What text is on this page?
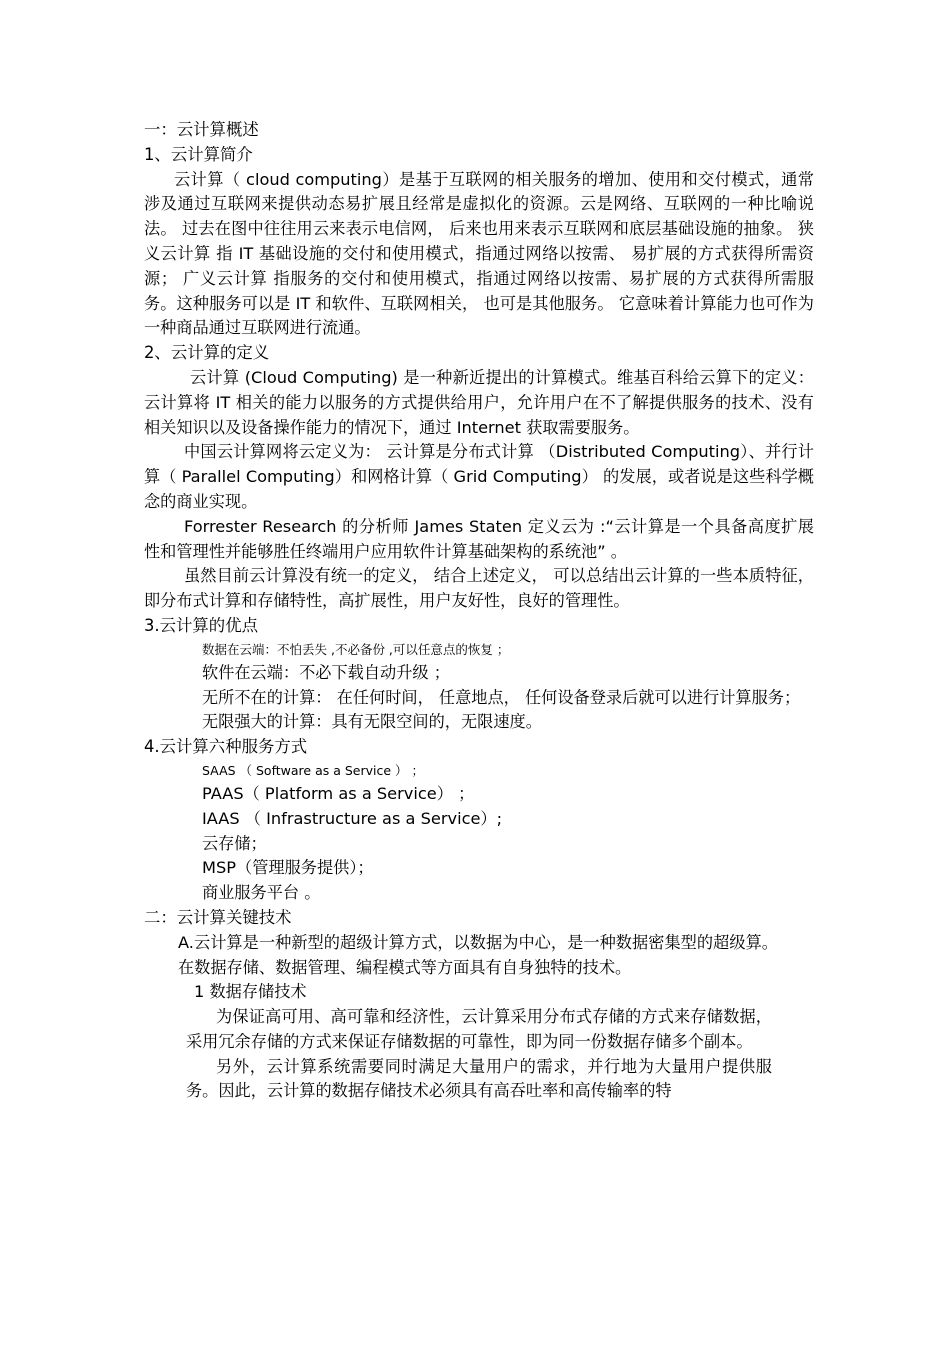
一：云计算概述

1、云计算简介

云计算（ cloud computing）是基于互联网的相关服务的增加、使用和交付模式，通常涉及通过互联网来提供动态易扩展且经常是虚拟化的资源。云是网络、互联网的一种比喻说法。 过去在图中往往用云来表示电信网， 后来也用来表示互联网和底层基础设施的抽象。 狭义云计算 指 IT 基础设施的交付和使用模式，指通过网络以按需、 易扩展的方式获得所需资源； 广义云计算 指服务的交付和使用模式，指通过网络以按需、易扩展的方式获得所需服务。这种服务可以是 IT 和软件、互联网相关， 也可是其他服务。 它意味着计算能力也可作为一种商品通过互联网进行流通。

2、云计算的定义

云计算 (Cloud Computing) 是一种新近提出的计算模式。维基百科给云算下的定义：云计算将 IT 相关的能力以服务的方式提供给用户，允许用户在不了解提供服务的技术、没有相关知识以及设备操作能力的情况下，通过 Internet 获取需要服务。

中国云计算网将云定义为： 云计算是分布式计算 （Distributed Computing）、并行计算（ Parallel Computing）和网格计算（ Grid Computing） 的发展，或者说是这些科学概念的商业实现。

Forrester Research 的分析师 James Staten 定义云为 :“云计算是一个具备高度扩展性和管理性并能够胜任终端用户应用软件计算基础架构的系统池” 。

虽然目前云计算没有统一的定义， 结合上述定义， 可以总结出云计算的一些本质特征，即分布式计算和存储特性，高扩展性，用户友好性，良好的管理性。

3.云计算的优点

数据在云端：不怕丢失 ,不必备份 ,可以任意点的恢复 ；

软件在云端：不必下载自动升级 ；

无所不在的计算： 在任何时间， 任意地点， 任何设备登录后就可以进行计算服务；

无限强大的计算：具有无限空间的，无限速度。

4.云计算六种服务方式

SAAS （ Software as a Service ） ；

PAAS（ Platform as a Service） ；

IAAS （ Infrastructure as a Service）;

云存储；

MSP（管理服务提供）；

商业服务平台 。

二：云计算关键技术

A.云计算是一种新型的超级计算方式，以数据为中心，是一种数据密集型的超级算。在数据存储、数据管理、编程模式等方面具有自身独特的技术。

1 数据存储技术

为保证高可用、高可靠和经济性，云计算采用分布式存储的方式来存储数据，采用冗余存储的方式来保证存储数据的可靠性，即为同一份数据存储多个副本。

另外，云计算系统需要同时满足大量用户的需求，并行地为大量用户提供服务。因此，云计算的数据存储技术必须具有高吞吐率和高传输率的特
